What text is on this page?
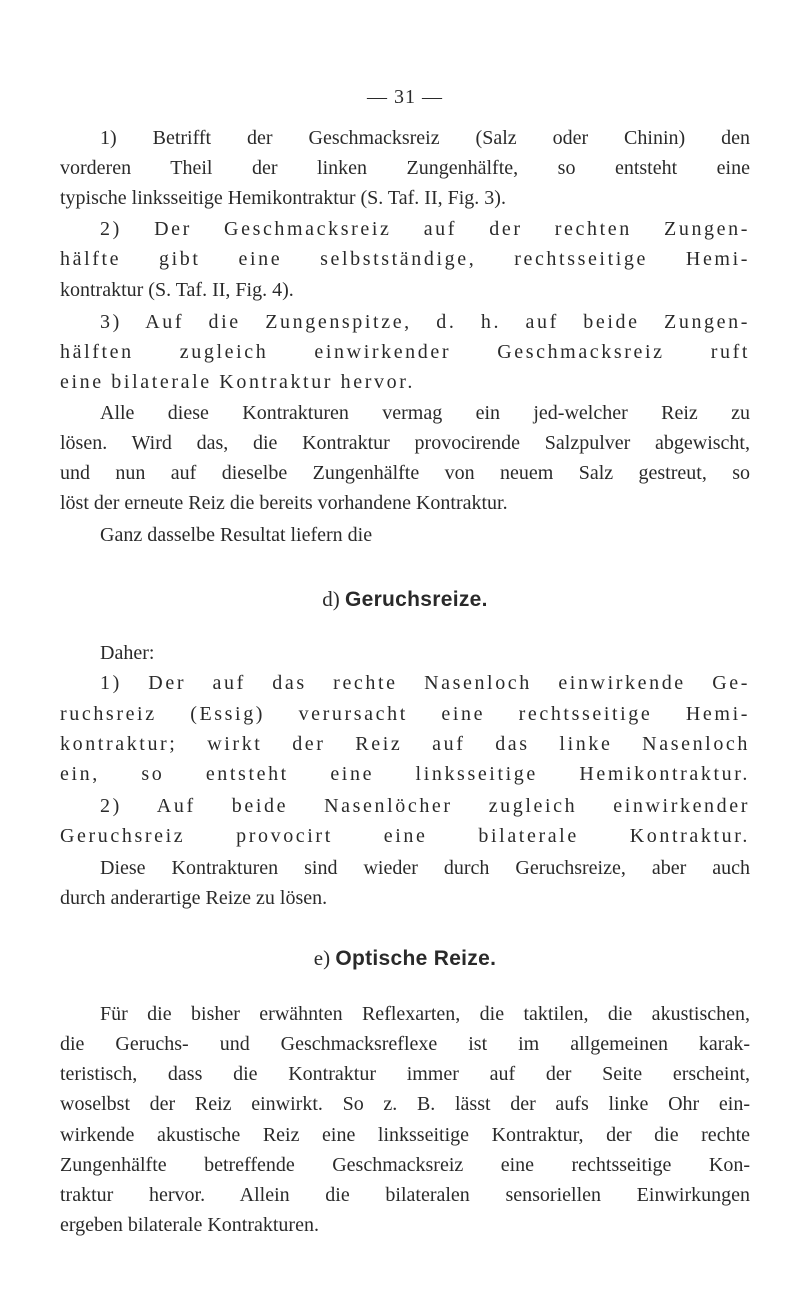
— 31 —
1) Betrifft der Geschmacksreiz (Salz oder Chinin) den
vorderen Theil der linken Zungenhälfte, so entsteht eine
typische linksseitige Hemikontraktur (S. Taf. II, Fig. 3).
2) Der Geschmacksreiz auf der rechten Zungen-
hälfte gibt eine selbstständige, rechtsseitige Hemi-
kontraktur (S. Taf. II, Fig. 4).
3) Auf die Zungenspitze, d. h. auf beide Zungen-
hälften zugleich einwirkender Geschmacksreiz ruft
eine bilaterale Kontraktur hervor.
Alle diese Kontrakturen vermag ein jed-welcher Reiz zu
lösen. Wird das, die Kontraktur provocirende Salzpulver abgewischt,
und nun auf dieselbe Zungenhälfte von neuem Salz gestreut, so
löst der erneute Reiz die bereits vorhandene Kontraktur.
Ganz dasselbe Resultat liefern die
d) Geruchsreize.
Daher:
1) Der auf das rechte Nasenloch einwirkende Ge-
ruchsreiz (Essig) verursacht eine rechtsseitige Hemi-
kontraktur; wirkt der Reiz auf das linke Nasenloch
ein, so entsteht eine linksseitige Hemikontraktur.
2) Auf beide Nasenlöcher zugleich einwirkender
Geruchsreiz provocirt eine bilaterale Kontraktur.
Diese Kontrakturen sind wieder durch Geruchsreize, aber auch
durch anderartige Reize zu lösen.
e) Optische Reize.
Für die bisher erwähnten Reflexarten, die taktilen, die akustischen,
die Geruchs- und Geschmacksreflexe ist im allgemeinen karak-
teristisch, dass die Kontraktur immer auf der Seite erscheint,
woselbst der Reiz einwirkt. So z. B. lässt der aufs linke Ohr ein-
wirkende akustische Reiz eine linksseitige Kontraktur, der die rechte
Zungenhälfte betreffende Geschmacksreiz eine rechtsseitige Kon-
traktur hervor. Allein die bilateralen sensoriellen Einwirkungen
ergeben bilaterale Kontrakturen.
